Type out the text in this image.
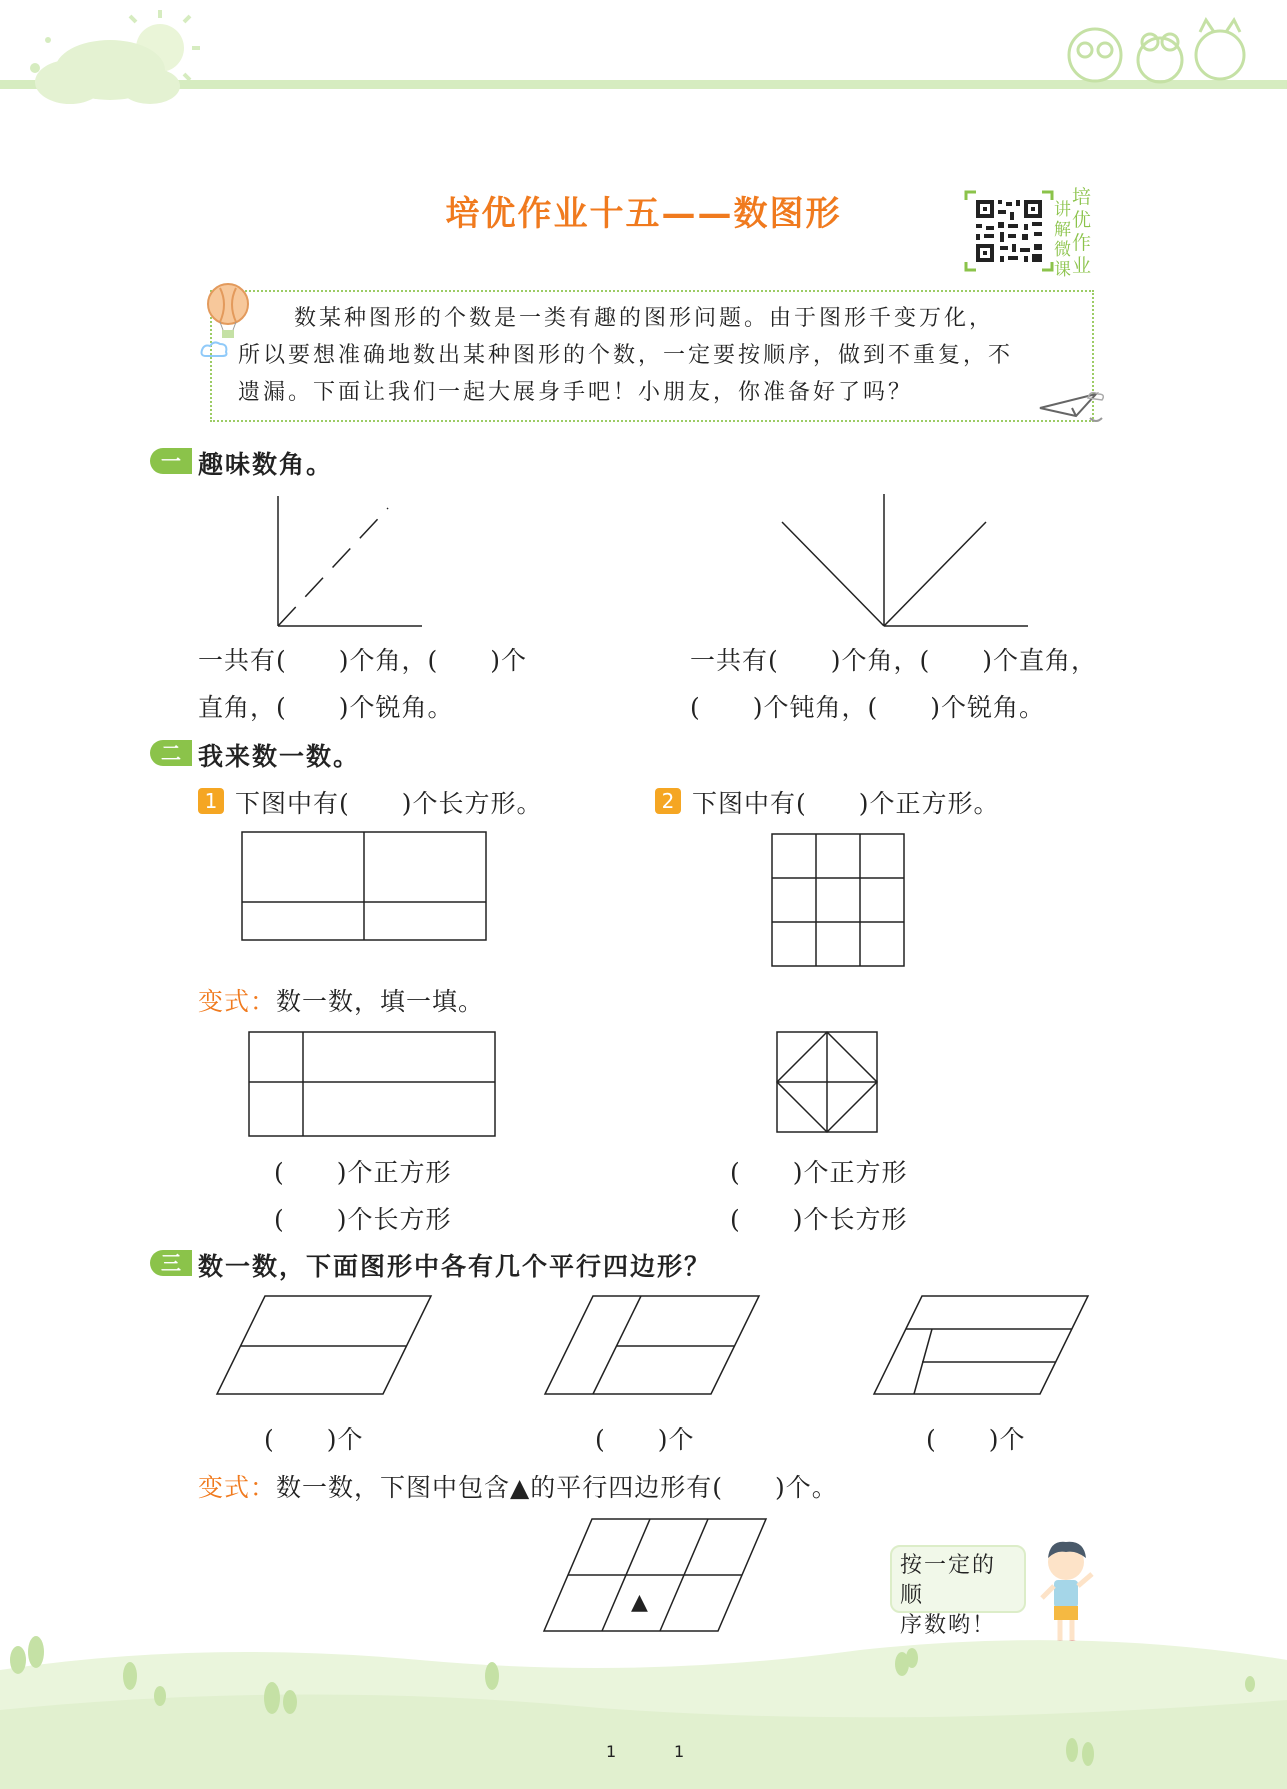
培优作业十五——数图形	讲解微课
培优作业
数某种图形的个数是一类有趣的图形问题。由于图形千变万化，
所以要想准确地数出某种图形的个数，一定要按顺序，做到不重复，不
遗漏。下面让我们一起大展身手吧！小朋友，你准备好了吗？
一 趣味数角。
一共有(　　)个角，(　　)个
直角，(　　)个锐角。
一共有(　　)个角，(　　)个直角，
(　　)个钝角，(　　)个锐角。
二 我来数一数。
1 下图中有(　　)个长方形。	2 下图中有(　　)个正方形。
变式：数一数，填一填。
(　　)个正方形
(　　)个长方形
(　　)个正方形
(　　)个长方形
三 数一数，下面图形中各有几个平行四边形？
(　　)个	(　　)个	(　　)个
变式：数一数，下图中包含▲的平行四边形有(　　)个。
▲
按一定的顺
序数哟！
1	1
